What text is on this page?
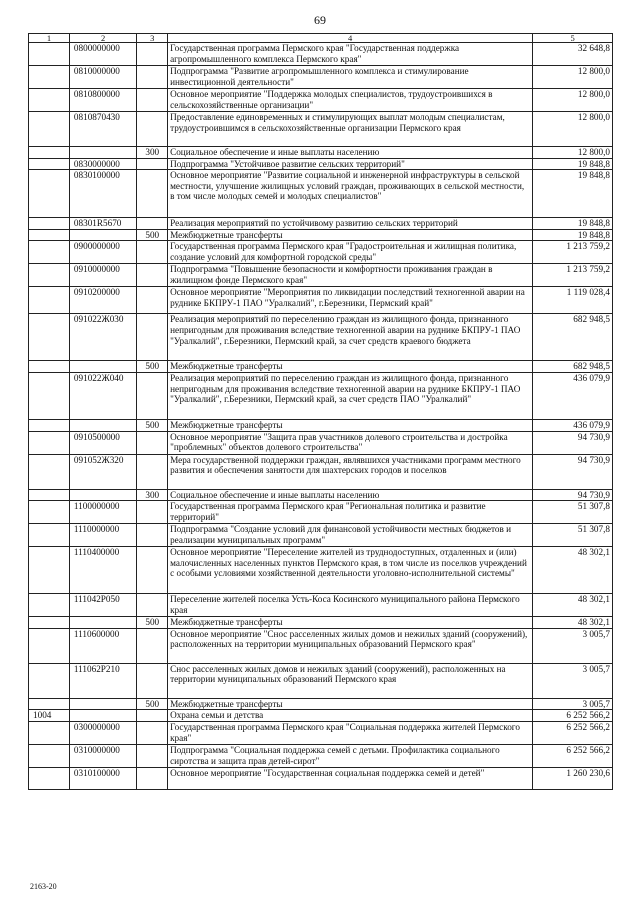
69
1	2	3	4	5
	0800000000		Государственная программа Пермского края "Государственная поддержка агропромышленного комплекса Пермского края"	32 648,8
	0810000000		Подпрограмма "Развитие агропромышленного комплекса и стимулирование инвестиционной деятельности"	12 800,0
	0810800000		Основное мероприятие "Поддержка молодых специалистов, трудоустроившихся в сельскохозяйственные организации"	12 800,0
	0810870430		Предоставление единовременных и стимулирующих выплат молодым специалистам, трудоустроившимся в сельскохозяйственные организации Пермского края	12 800,0
		300	Социальное обеспечение и иные выплаты населению	12 800,0
	0830000000		Подпрограмма "Устойчивое развитие сельских территорий"	19 848,8
	0830100000		Основное мероприятие "Развитие социальной и инженерной инфраструктуры в сельской местности, улучшение жилищных условий граждан, проживающих в сельской местности, в том числе молодых семей и молодых специалистов"	19 848,8
	08301R5670		Реализация мероприятий по устойчивому развитию сельских территорий	19 848,8
		500	Межбюджетные трансферты	19 848,8
	0900000000		Государственная программа Пермского края "Градостроительная и жилищная политика, создание условий для комфортной городской среды"	1 213 759,2
	0910000000		Подпрограмма "Повышение безопасности и комфортности проживания граждан в жилищном фонде Пермского края"	1 213 759,2
	0910200000		Основное мероприятие "Мероприятия по ликвидации последствий техногенной аварии на руднике БКПРУ-1 ПАО "Уралкалий", г.Березники, Пермский край"	1 119 028,4
	091022Ж030		Реализация мероприятий по переселению граждан из жилищного фонда, признанного непригодным для проживания вследствие техногенной аварии на руднике БКПРУ-1 ПАО "Уралкалий", г.Березники, Пермский край, за счет средств краевого бюджета	682 948,5
		500	Межбюджетные трансферты	682 948,5
	091022Ж040		Реализация мероприятий по переселению граждан из жилищного фонда, признанного непригодным для проживания вследствие техногенной аварии на руднике БКПРУ-1 ПАО "Уралкалий", г.Березники, Пермский край, за счет средств ПАО "Уралкалий"	436 079,9
		500	Межбюджетные трансферты	436 079,9
	0910500000		Основное мероприятие "Защита прав участников долевого строительства и достройка "проблемных" объектов долевого строительства"	94 730,9
	091052Ж320		Мера государственной поддержки граждан, являвшихся участниками программ местного развития и обеспечения занятости для шахтерских городов и поселков	94 730,9
		300	Социальное обеспечение и иные выплаты населению	94 730,9
	1100000000		Государственная программа Пермского края "Региональная политика и развитие территорий"	51 307,8
	1110000000		Подпрограмма "Создание условий для финансовой устойчивости местных бюджетов и реализации муниципальных программ"	51 307,8
	1110400000		Основное мероприятие "Переселение жителей из труднодоступных, отдаленных и (или) малочисленных населенных пунктов Пермского края, в том числе из поселков учреждений с особыми условиями хозяйственной деятельности уголовно-исполнительной системы"	48 302,1
	111042Р050		Переселение жителей поселка Усть-Коса Косинского муниципального района Пермского края	48 302,1
		500	Межбюджетные трансферты	48 302,1
	1110600000		Основное мероприятие "Снос расселенных жилых домов и нежилых зданий (сооружений), расположенных на территории муниципальных образований Пермского края"	3 005,7
	111062Р210		Снос расселенных жилых домов и нежилых зданий (сооружений), расположенных на территории муниципальных образований Пермского края	3 005,7
		500	Межбюджетные трансферты	3 005,7
1004			Охрана семьи и детства	6 252 566,2
	0300000000		Государственная программа Пермского края "Социальная поддержка жителей Пермского края"	6 252 566,2
	0310000000		Подпрограмма "Социальная поддержка семей с детьми. Профилактика социального сиротства и защита прав детей-сирот"	6 252 566,2
	0310100000		Основное мероприятие "Государственная социальная поддержка семей и детей"	1 260 230,6
2163-20
